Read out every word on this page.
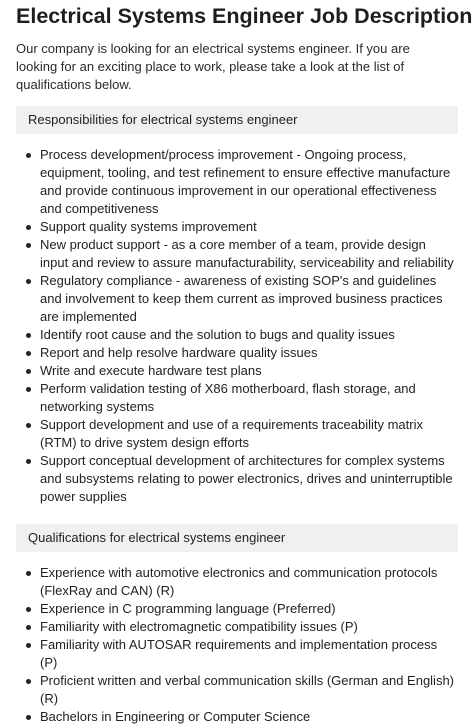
Electrical Systems Engineer Job Description

Our company is looking for an electrical systems engineer. If you are looking for an exciting place to work, please take a look at the list of qualifications below.

Responsibilities for electrical systems engineer
Process development/process improvement - Ongoing process, equipment, tooling, and test refinement to ensure effective manufacture and provide continuous improvement in our operational effectiveness and competitiveness
Support quality systems improvement
New product support - as a core member of a team, provide design input and review to assure manufacturability, serviceability and reliability
Regulatory compliance - awareness of existing SOP's and guidelines and involvement to keep them current as improved business practices are implemented
Identify root cause and the solution to bugs and quality issues
Report and help resolve hardware quality issues
Write and execute hardware test plans
Perform validation testing of X86 motherboard, flash storage, and networking systems
Support development and use of a requirements traceability matrix (RTM) to drive system design efforts
Support conceptual development of architectures for complex systems and subsystems relating to power electronics, drives and uninterruptible power supplies
Qualifications for electrical systems engineer
Experience with automotive electronics and communication protocols (FlexRay and CAN) (R)
Experience in C programming language (Preferred)
Familiarity with electromagnetic compatibility issues (P)
Familiarity with AUTOSAR requirements and implementation process (P)
Proficient written and verbal communication skills (German and English) (R)
Bachelors in Engineering or Computer Science
